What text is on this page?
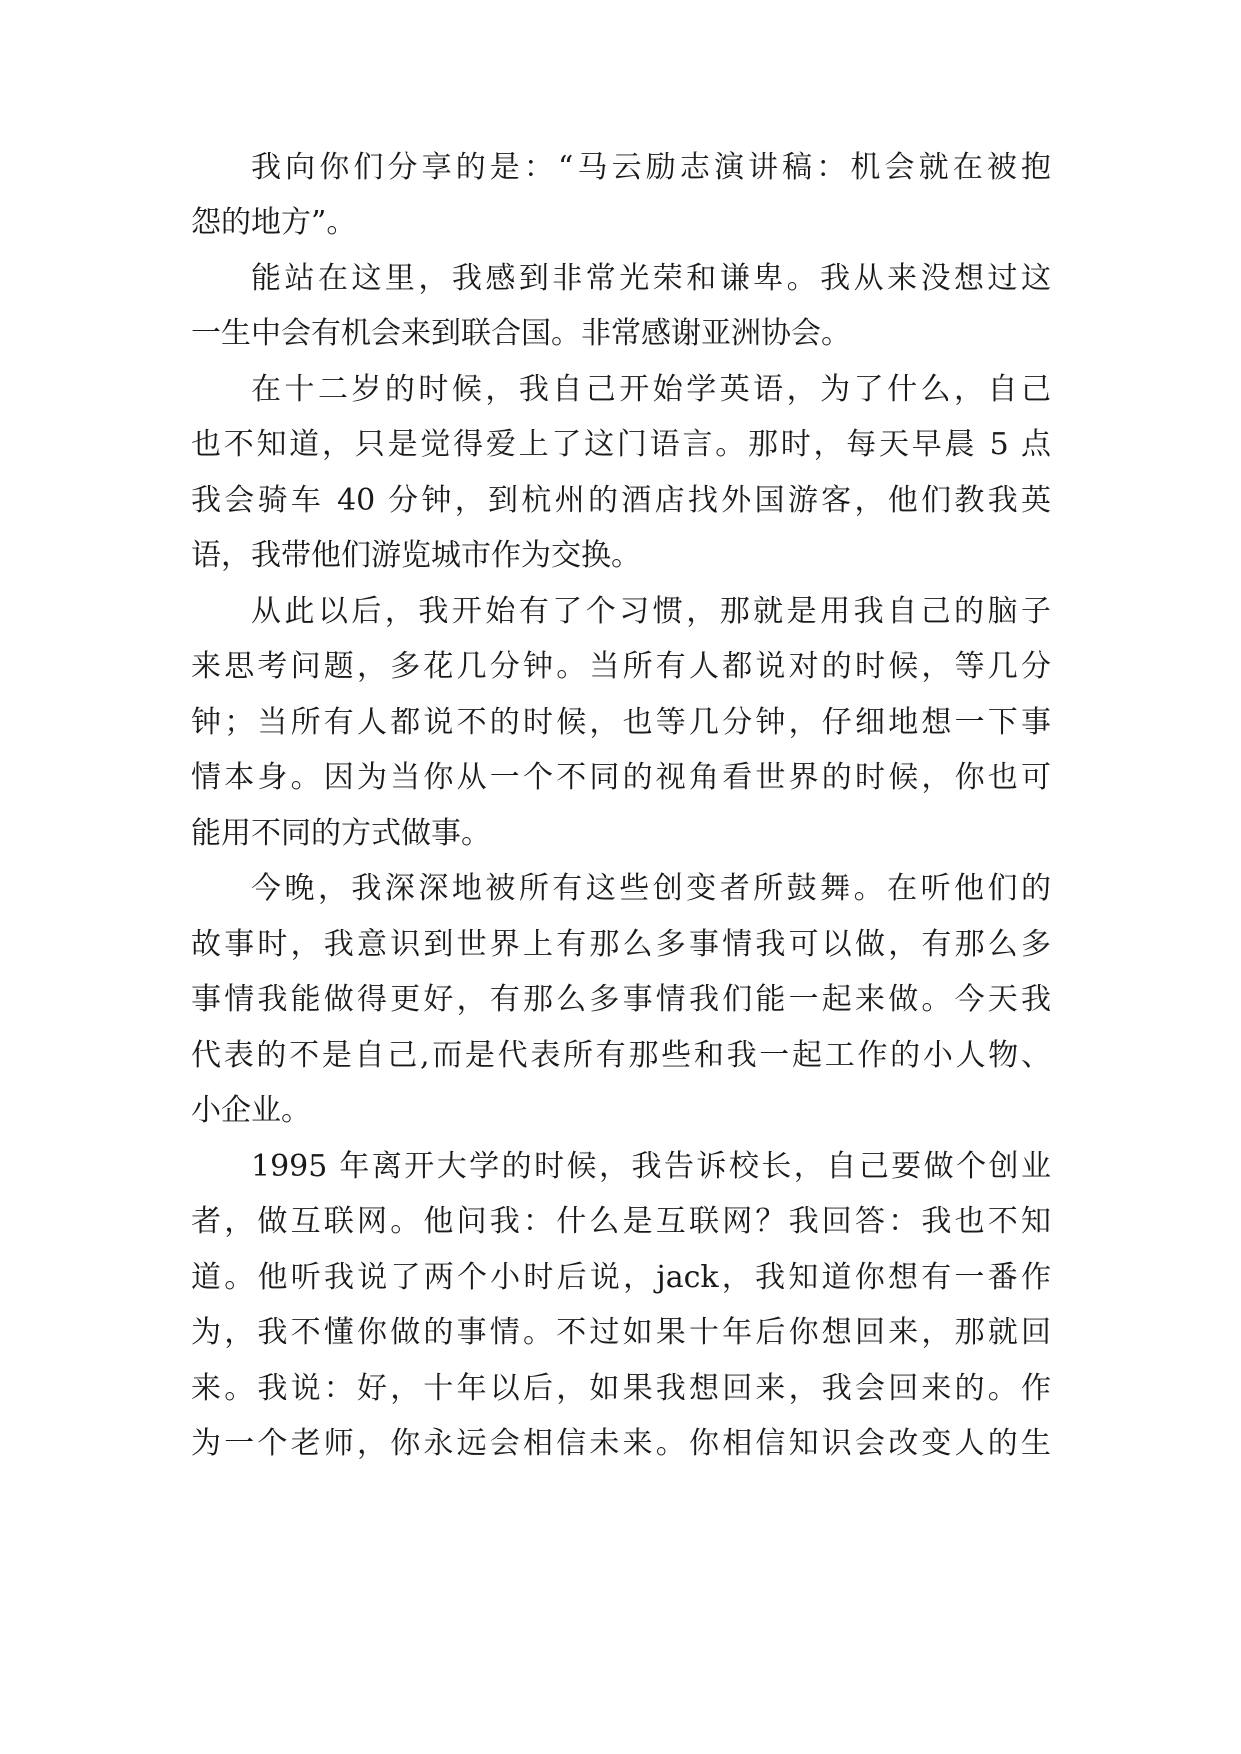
我向你们分享的是：“马云励志演讲稿：机会就在被抱
怨的地方”。
能站在这里，我感到非常光荣和谦卑。我从来没想过这
一生中会有机会来到联合国。非常感谢亚洲协会。
在十二岁的时候，我自己开始学英语，为了什么，自己
也不知道，只是觉得爱上了这门语言。那时，每天早晨 5 点
我会骑车 40 分钟，到杭州的酒店找外国游客，他们教我英
语，我带他们游览城市作为交换。
从此以后，我开始有了个习惯，那就是用我自己的脑子
来思考问题，多花几分钟。当所有人都说对的时候，等几分
钟；当所有人都说不的时候，也等几分钟，仔细地想一下事
情本身。因为当你从一个不同的视角看世界的时候，你也可
能用不同的方式做事。
今晚，我深深地被所有这些创变者所鼓舞。在听他们的
故事时，我意识到世界上有那么多事情我可以做，有那么多
事情我能做得更好，有那么多事情我们能一起来做。今天我
代表的不是自己,而是代表所有那些和我一起工作的小人物、
小企业。
1995 年离开大学的时候，我告诉校长，自己要做个创业
者，做互联网。他问我：什么是互联网？我回答：我也不知
道。他听我说了两个小时后说，jack，我知道你想有一番作
为，我不懂你做的事情。不过如果十年后你想回来，那就回
来。我说：好，十年以后，如果我想回来，我会回来的。作
为一个老师，你永远会相信未来。你相信知识会改变人的生
